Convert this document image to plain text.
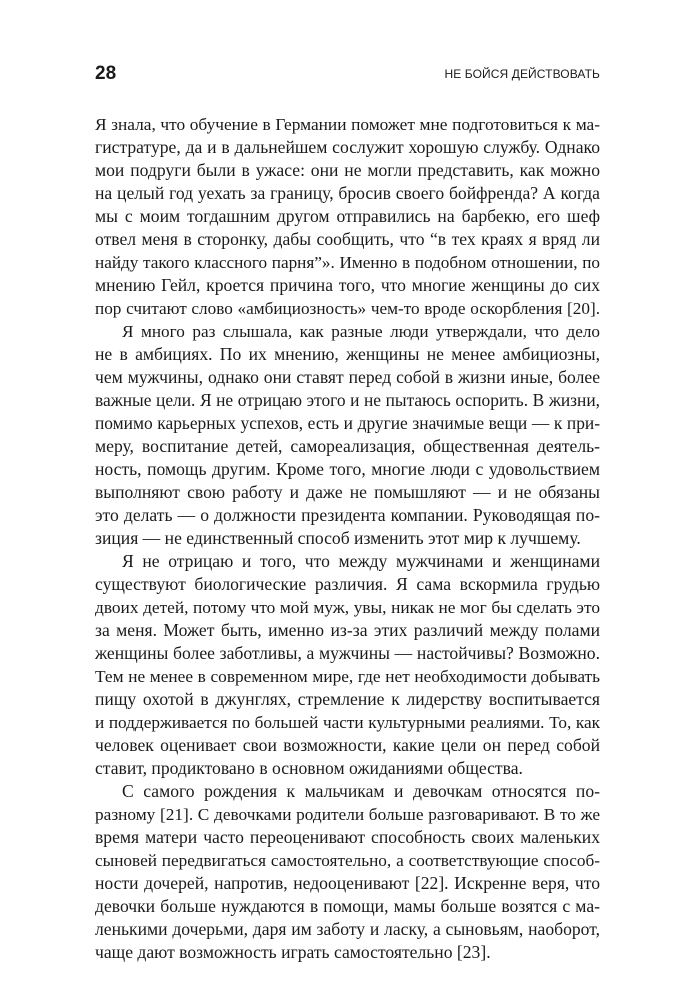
28	НЕ БОЙСЯ ДЕЙСТВОВАТЬ

Я знала, что обучение в Германии поможет мне подготовиться к ма-
гистратуре, да и в дальнейшем сослужит хорошую службу. Однако
мои подруги были в ужасе: они не могли представить, как можно
на целый год уехать за границу, бросив своего бойфренда? А когда
мы с моим тогдашним другом отправились на барбекю, его шеф
отвел меня в сторонку, дабы сообщить, что “в тех краях я вряд ли
найду такого классного парня”». Именно в подобном отношении, по
мнению Гейл, кроется причина того, что многие женщины до сих
пор считают слово «амбициозность» чем-то вроде оскорбления [20].

Я много раз слышала, как разные люди утверждали, что дело
не в амбициях. По их мнению, женщины не менее амбициозны,
чем мужчины, однако они ставят перед собой в жизни иные, более
важные цели. Я не отрицаю этого и не пытаюсь оспорить. В жизни,
помимо карьерных успехов, есть и другие значимые вещи — к при-
меру, воспитание детей, самореализация, общественная деятель-
ность, помощь другим. Кроме того, многие люди с удовольствием
выполняют свою работу и даже не помышляют — и не обязаны
это делать — о должности президента компании. Руководящая по-
зиция — не единственный способ изменить этот мир к лучшему.

Я не отрицаю и того, что между мужчинами и женщинами
существуют биологические различия. Я сама вскормила грудью
двоих детей, потому что мой муж, увы, никак не мог бы сделать это
за меня. Может быть, именно из-за этих различий между полами
женщины более заботливы, а мужчины — настойчивы? Возможно.
Тем не менее в современном мире, где нет необходимости добывать
пищу охотой в джунглях, стремление к лидерству воспитывается
и поддерживается по большей части культурными реалиями. То, как
человек оценивает свои возможности, какие цели он перед собой
ставит, продиктовано в основном ожиданиями общества.

С самого рождения к мальчикам и девочкам относятся по-
разному [21]. С девочками родители больше разговаривают. В то же
время матери часто переоценивают способность своих маленьких
сыновей передвигаться самостоятельно, а соответствующие способ-
ности дочерей, напротив, недооценивают [22]. Искренне веря, что
девочки больше нуждаются в помощи, мамы больше возятся с ма-
ленькими дочерьми, даря им заботу и ласку, а сыновьям, наоборот,
чаще дают возможность играть самостоятельно [23].
